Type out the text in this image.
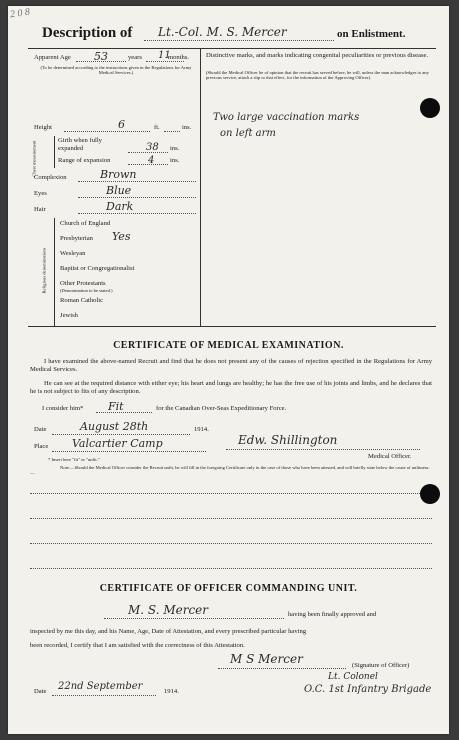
2 0 8
Description of Lt.-Col. M. S. Mercer	on Enlistment.
Apparent Age 53	years 11
months.
(To be determined according to the instructions given in the Regulations for Army Medical Services.)
Distinctive marks, and marks indicating congenital peculiarities or previous disease.
(Should the Medical Officer be of opinion that the recruit has served before, he will, unless the man acknowledges to any previous service, attach a slip to that effect, for the information of the Approving Officer).
Two large vaccination marks
on left arm
Height	6	ft.	ins.
Chest measurement
Girth when fully expanded	38 ins.
Range of expansion	4 ins.
Complexion	Brown
Eyes	Blue
Hair	Dark
Religious denominations
Church of England
Presbyterian Yes
Wesleyan
Baptist or Congregationalist
Other Protestants
(Denomination to be stated.)
Roman Catholic
Jewish
CERTIFICATE OF MEDICAL EXAMINATION.
I have examined the above-named Recruit and find that he does not present any of the causes of rejection specified in the Regulations for Army Medical Services.
He can see at the required distance with either eye; his heart and lungs are healthy; he has the free use of his joints and limbs, and he declares that he is not subject to fits of any description.
I consider him* Fit	for the Canadian Over-Seas Expeditionary Force.
Date	August 28th	1914.
Place Valcartier Camp	Edw. Shillington
Medical Officer.
* Insert here "fit" or "unfit."
Note.—Should the Medical Officer consider the Recruit unfit, he will fill in the foregoing Certificate only in the case of those who have been attested, and will briefly state below the cause of unfitness:—
CERTIFICATE OF OFFICER COMMANDING UNIT.
M. S. Mercer	having been finally approved and
inspected by me this day, and his Name, Age, Date of Attestation, and every prescribed particular having
been recorded, I certify that I am satisfied with the correctness of this Attestation.
M S Mercer	(Signature of Officer)
Lt. Colonel
Date 22nd September	1914.	O.C. 1st Infantry Brigade
